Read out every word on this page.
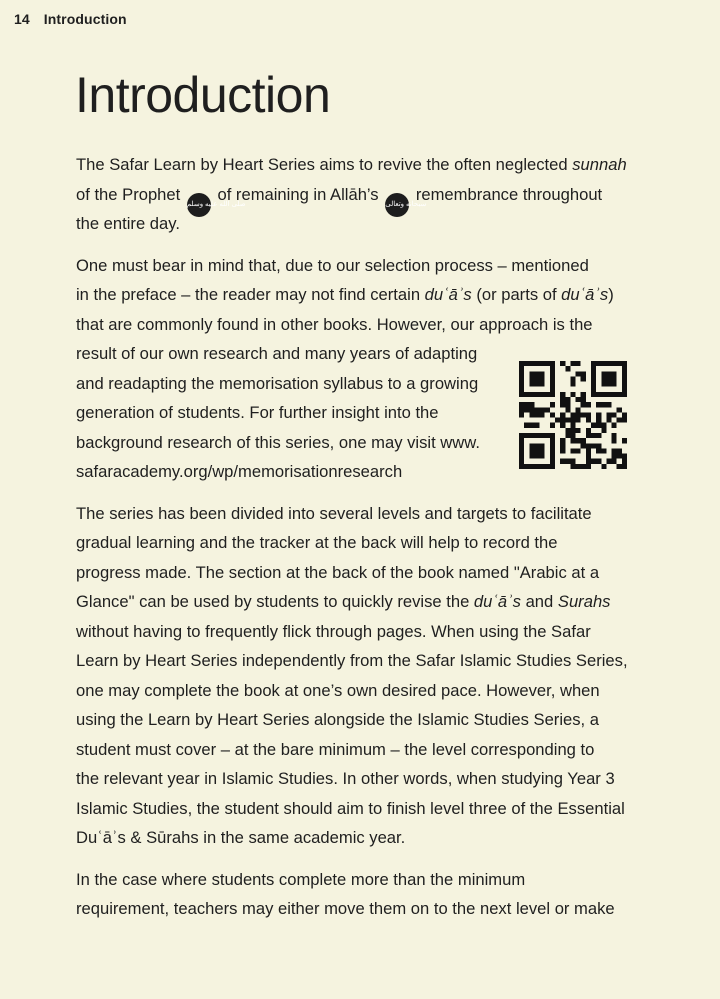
14 Introduction
Introduction
The Safar Learn by Heart Series aims to revive the often neglected sunnah
of the Prophet صلى الله عليه وسلم of remaining in Allāh’s سبحانه وتعالى remembrance throughout
the entire day.
One must bear in mind that, due to our selection process – mentioned
in the preface – the reader may not find certain duʿāʾs (or parts of duʿāʾs)
that are commonly found in other books. However, our approach is the
result of our own research and many years of adapting
and readapting the memorisation syllabus to a growing
generation of students. For further insight into the
background research of this series, one may visit www.
safaracademy.org/wp/memorisationresearch
The series has been divided into several levels and targets to facilitate
gradual learning and the tracker at the back will help to record the
progress made. The section at the back of the book named "Arabic at a
Glance" can be used by students to quickly revise the duʿāʾs and Surahs
without having to frequently flick through pages. When using the Safar
Learn by Heart Series independently from the Safar Islamic Studies Series,
one may complete the book at one’s own desired pace. However, when
using the Learn by Heart Series alongside the Islamic Studies Series, a
student must cover – at the bare minimum – the level corresponding to
the relevant year in Islamic Studies. In other words, when studying Year 3
Islamic Studies, the student should aim to finish level three of the Essential
Duʿāʾs & Sūrahs in the same academic year.
In the case where students complete more than the minimum
requirement, teachers may either move them on to the next level or make
